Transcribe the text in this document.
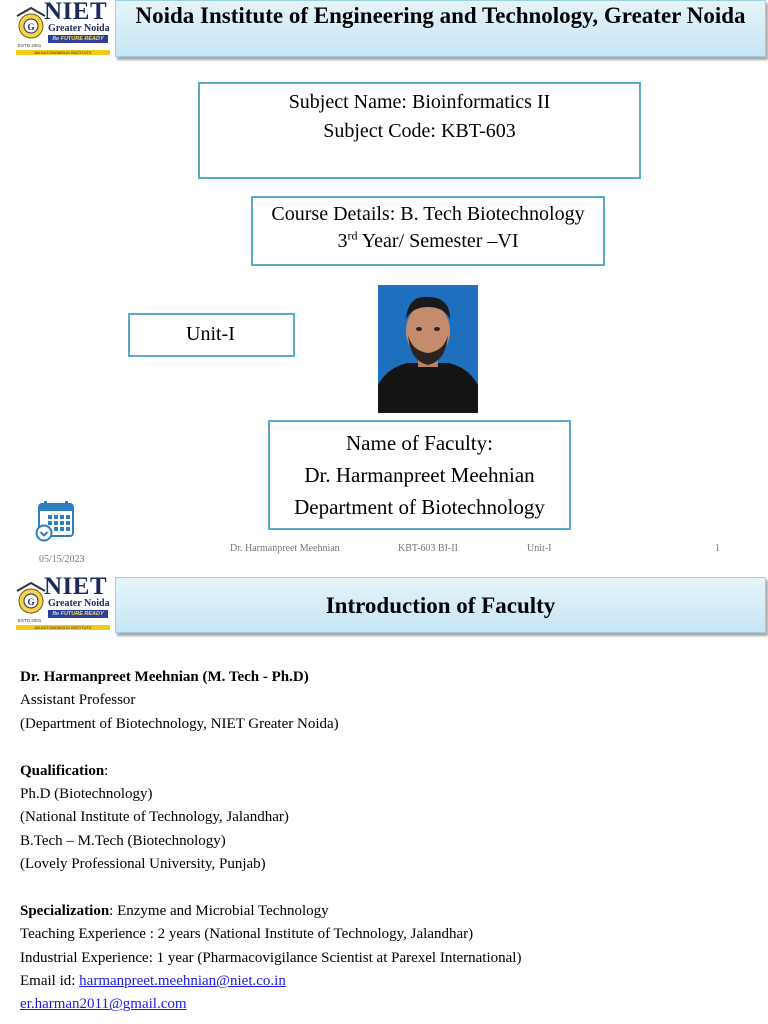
G
NIET
Greater Noida
Be FUTURE READY
ESTD 2001
AN AUTONOMOUS INSTITUTE
Noida Institute of Engineering and Technology, Greater Noida
Subject Name: Bioinformatics II
Subject Code: KBT-603
Course Details: B. Tech Biotechnology
3rd Year/ Semester –VI
Unit-I
Name of Faculty:
Dr. Harmanpreet Meehnian
Department of Biotechnology
05/15/2023
Dr. Harmanpreet Meehnian	KBT-603 BI-II	Unit-I	1
G
NIET
Greater Noida
Be FUTURE READY
ESTD 2001
AN AUTONOMOUS INSTITUTE
Introduction of Faculty
Dr. Harmanpreet Meehnian (M. Tech - Ph.D)
Assistant Professor
(Department of Biotechnology, NIET Greater Noida)
Qualification:
Ph.D (Biotechnology)
(National Institute of Technology, Jalandhar)
B.Tech – M.Tech (Biotechnology)
(Lovely Professional University, Punjab)
Specialization: Enzyme and Microbial Technology
Teaching Experience : 2 years (National Institute of Technology, Jalandhar)
Industrial Experience: 1 year (Pharmacovigilance Scientist at Parexel International)
Email id: harmanpreet.meehnian@niet.co.in
er.harman2011@gmail.com
